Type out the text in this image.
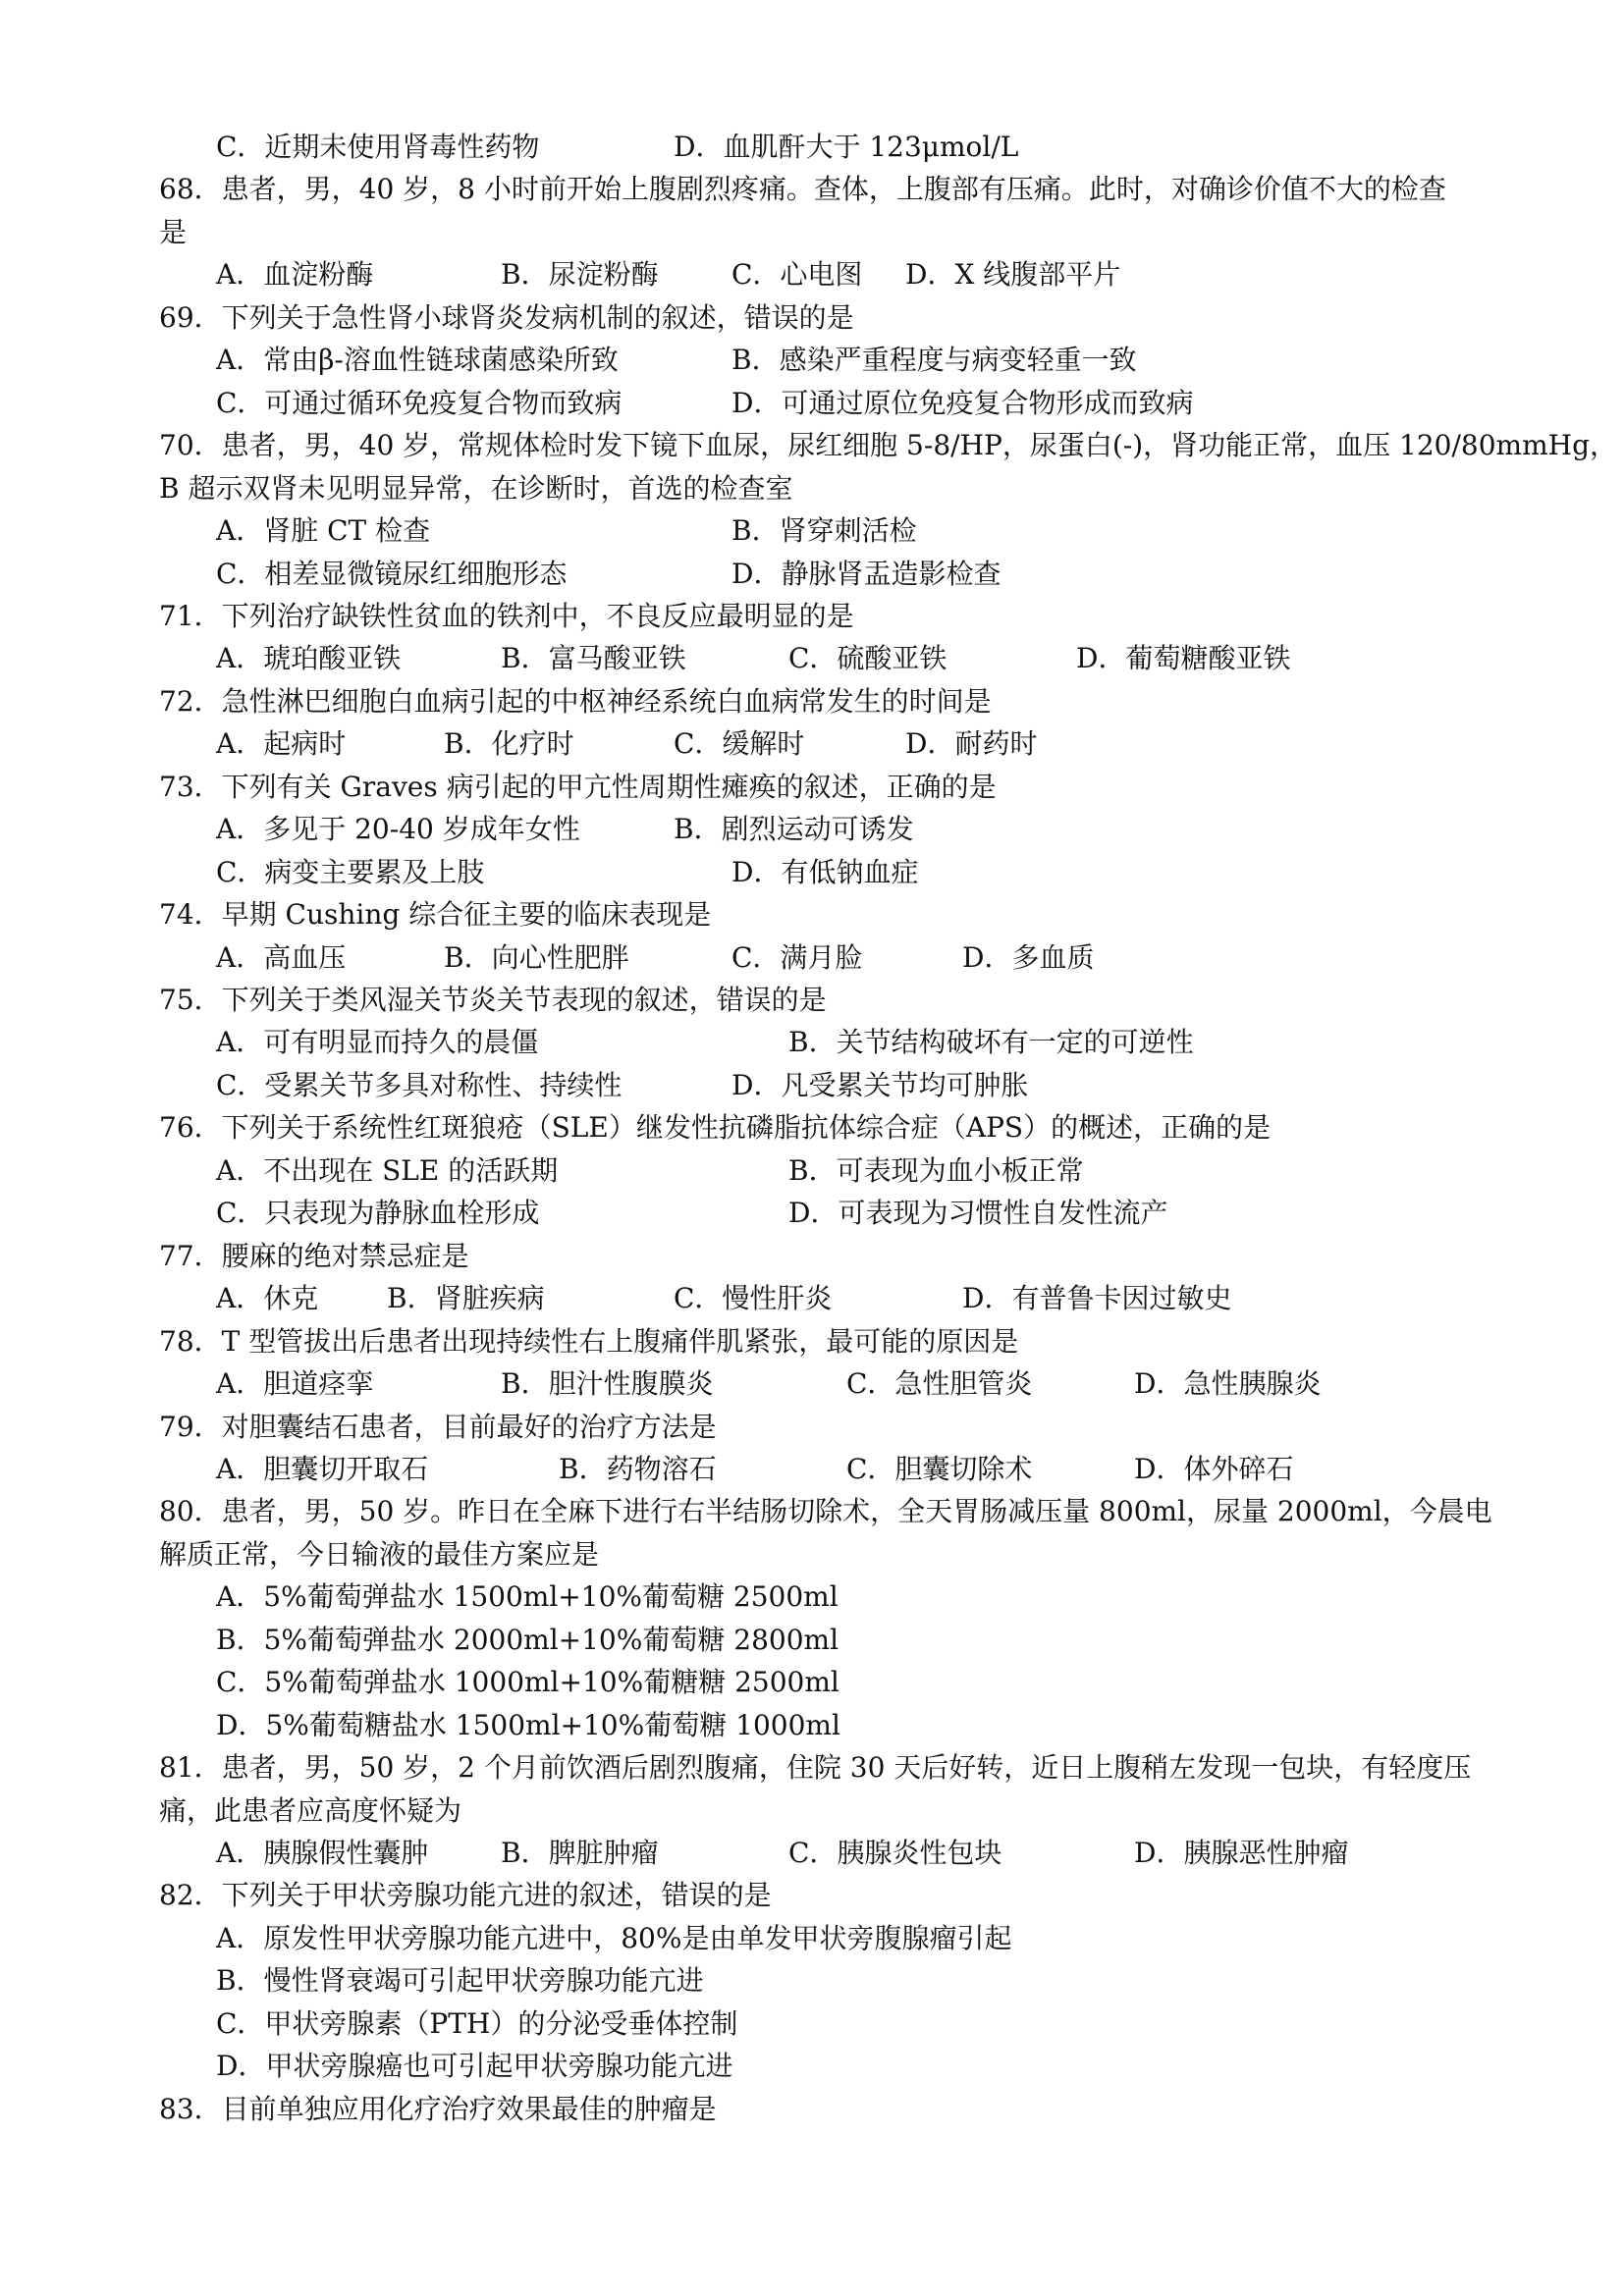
C．近期未使用肾毒性药物	D．血肌酐大于 123μmol/L
68．患者，男，40 岁，8 小时前开始上腹剧烈疼痛。查体，上腹部有压痛。此时，对确诊价值不大的检查
是
A．血淀粉酶	B．尿淀粉酶	C．心电图 D．X 线腹部平片
69．下列关于急性肾小球肾炎发病机制的叙述，错误的是
A．常由β-溶血性链球菌感染所致	B．感染严重程度与病变轻重一致
C．可通过循环免疫复合物而致病	D．可通过原位免疫复合物形成而致病
70．患者，男，40 岁，常规体检时发下镜下血尿，尿红细胞 5-8/HP，尿蛋白(-)，肾功能正常，血压 120/80mmHg，
B 超示双肾未见明显异常，在诊断时，首选的检查室
A．肾脏 CT 检查	B．肾穿刺活检
C．相差显微镜尿红细胞形态	D．静脉肾盂造影检查
71．下列治疗缺铁性贫血的铁剂中，不良反应最明显的是
A．琥珀酸亚铁	B．富马酸亚铁	C．硫酸亚铁	D．葡萄糖酸亚铁
72．急性淋巴细胞白血病引起的中枢神经系统白血病常发生的时间是
A．起病时	B．化疗时	C．缓解时	D．耐药时
73．下列有关 Graves 病引起的甲亢性周期性瘫痪的叙述，正确的是
A．多见于 20-40 岁成年女性	B．剧烈运动可诱发
C．病变主要累及上肢	D．有低钠血症
74．早期 Cushing 综合征主要的临床表现是
A．高血压	B．向心性肥胖	C．满月脸	D．多血质
75．下列关于类风湿关节炎关节表现的叙述，错误的是
A．可有明显而持久的晨僵	B．关节结构破坏有一定的可逆性
C．受累关节多具对称性、持续性	D．凡受累关节均可肿胀
76．下列关于系统性红斑狼疮（SLE）继发性抗磷脂抗体综合症（APS）的概述，正确的是
A．不出现在 SLE 的活跃期	B．可表现为血小板正常
C．只表现为静脉血栓形成	D．可表现为习惯性自发性流产
77．腰麻的绝对禁忌症是
A．休克 B．肾脏疾病	C．慢性肝炎	D．有普鲁卡因过敏史
78．T 型管拔出后患者出现持续性右上腹痛伴肌紧张，最可能的原因是
A．胆道痉挛	B．胆汁性腹膜炎	C．急性胆管炎	D．急性胰腺炎
79．对胆囊结石患者，目前最好的治疗方法是
A．胆囊切开取石	B．药物溶石	C．胆囊切除术	D．体外碎石
80．患者，男，50 岁。昨日在全麻下进行右半结肠切除术，全天胃肠减压量 800ml，尿量 2000ml，今晨电
解质正常，今日输液的最佳方案应是
A．5%葡萄弹盐水 1500ml+10%葡萄糖 2500ml
B．5%葡萄弹盐水 2000ml+10%葡萄糖 2800ml
C．5%葡萄弹盐水 1000ml+10%葡糖糖 2500ml
D．5%葡萄糖盐水 1500ml+10%葡萄糖 1000ml
81．患者，男，50 岁，2 个月前饮酒后剧烈腹痛，住院 30 天后好转，近日上腹稍左发现一包块，有轻度压
痛，此患者应高度怀疑为
A．胰腺假性囊肿	B．脾脏肿瘤	C．胰腺炎性包块	D．胰腺恶性肿瘤
82．下列关于甲状旁腺功能亢进的叙述，错误的是
A．原发性甲状旁腺功能亢进中，80%是由单发甲状旁腹腺瘤引起
B．慢性肾衰竭可引起甲状旁腺功能亢进
C．甲状旁腺素（PTH）的分泌受垂体控制
D．甲状旁腺癌也可引起甲状旁腺功能亢进
83．目前单独应用化疗治疗效果最佳的肿瘤是
